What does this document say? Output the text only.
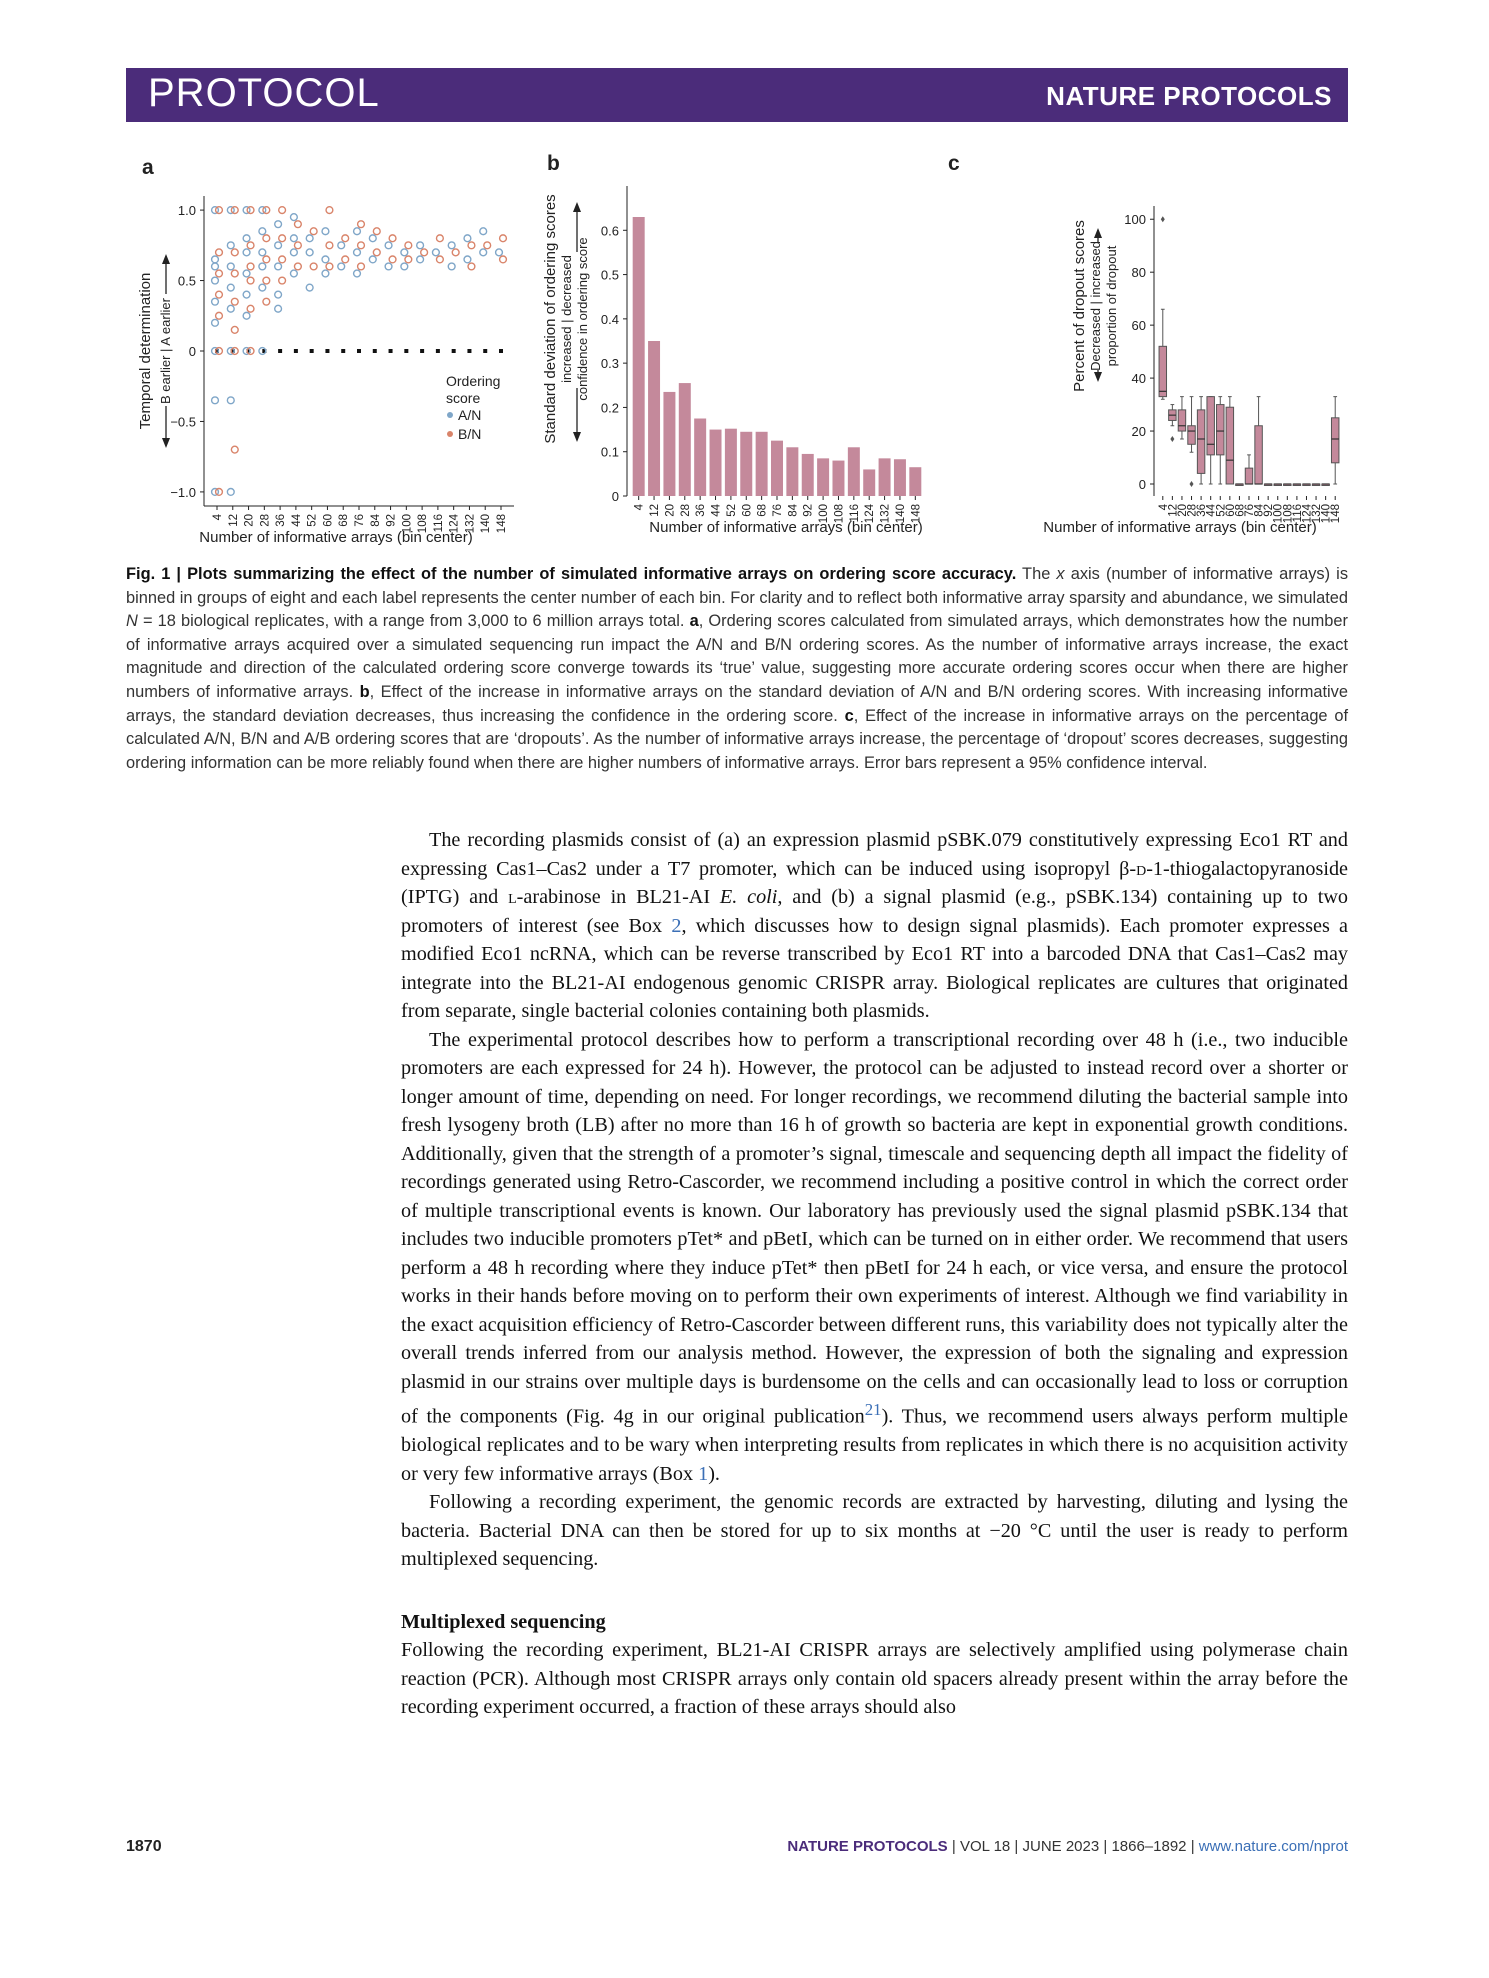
PROTOCOL	NATURE PROTOCOLS
a	b	c
Temporal determination B earlier | A earlier
1.0
0.5
0
−0.5
−1.0
4 12 20 28 36 44 52 60 68 76 84 92 100 108 116 124 132 140 148
Ordering
score
A/N
B/N
Number of informative arrays (bin center)
Standard deviation of ordering scores increased | decreased confidence in ordering score
0
0.1
0.2
0.3
0.4
0.5
0.6
4 12 20 28 36 44 52 60 68 76 84 92 100 108 116 124 132 140 148
Number of informative arrays (bin center)
Percent of dropout scores Decreased | increased proportion of dropout
0
20
40
60
80
100
4
12
20
28
36
44
52
60
68
76
84
92
100
108
116
124
132
140
148
Number of informative arrays (bin center)
Fig. 1 | Plots summarizing the effect of the number of simulated informative arrays on ordering score accuracy. The x axis (number of informative arrays) is binned in groups of eight and each label represents the center number of each bin. For clarity and to reflect both informative array sparsity and abundance, we simulated N = 18 biological replicates, with a range from 3,000 to 6 million arrays total. a, Ordering scores calculated from simulated arrays, which demonstrates how the number of informative arrays acquired over a simulated sequencing run impact the A/N and B/N ordering scores. As the number of informative arrays increase, the exact magnitude and direction of the calculated ordering score converge towards its ‘true’ value, suggesting more accurate ordering scores occur when there are higher numbers of informative arrays. b, Effect of the increase in informative arrays on the standard deviation of A/N and B/N ordering scores. With increasing informative arrays, the standard deviation decreases, thus increasing the confidence in the ordering score. c, Effect of the increase in informative arrays on the percentage of calculated A/N, B/N and A/B ordering scores that are ‘dropouts’. As the number of informative arrays increase, the percentage of ‘dropout’ scores decreases, suggesting ordering information can be more reliably found when there are higher numbers of informative arrays. Error bars represent a 95% confidence interval.

The recording plasmids consist of (a) an expression plasmid pSBK.079 constitutively expressing Eco1 RT and expressing Cas1–Cas2 under a T7 promoter, which can be induced using isopropyl β-d-1-thiogalactopyranoside (IPTG) and l-arabinose in BL21-AI E. coli, and (b) a signal plasmid (e.g., pSBK.134) containing up to two promoters of interest (see Box 2, which discusses how to design signal plasmids). Each promoter expresses a modified Eco1 ncRNA, which can be reverse transcribed by Eco1 RT into a barcoded DNA that Cas1–Cas2 may integrate into the BL21-AI endogenous genomic CRISPR array. Biological replicates are cultures that originated from separate, single bacterial colonies containing both plasmids.

The experimental protocol describes how to perform a transcriptional recording over 48 h (i.e., two inducible promoters are each expressed for 24 h). However, the protocol can be adjusted to instead record over a shorter or longer amount of time, depending on need. For longer recordings, we recommend diluting the bacterial sample into fresh lysogeny broth (LB) after no more than 16 h of growth so bacteria are kept in exponential growth conditions. Additionally, given that the strength of a promoter’s signal, timescale and sequencing depth all impact the fidelity of recordings generated using Retro-Cascorder, we recommend including a positive control in which the correct order of multiple transcriptional events is known. Our laboratory has previously used the signal plasmid pSBK.134 that includes two inducible promoters pTet* and pBetI, which can be turned on in either order. We recommend that users perform a 48 h recording where they induce pTet* then pBetI for 24 h each, or vice versa, and ensure the protocol works in their hands before moving on to perform their own experiments of interest. Although we find variability in the exact acquisition efficiency of Retro-Cascorder between different runs, this variability does not typically alter the overall trends inferred from our analysis method. However, the expression of both the signaling and expression plasmid in our strains over multiple days is burdensome on the cells and can occasionally lead to loss or corruption of the components (Fig. 4g in our original publication$^{21}$). Thus, we recommend users always perform multiple biological replicates and to be wary when interpreting results from replicates in which there is no acquisition activity or very few informative arrays (Box 1).

Following a recording experiment, the genomic records are extracted by harvesting, diluting and lysing the bacteria. Bacterial DNA can then be stored for up to six months at −20 °C until the user is ready to perform multiplexed sequencing.

Multiplexed sequencing

Following the recording experiment, BL21-AI CRISPR arrays are selectively amplified using polymerase chain reaction (PCR). Although most CRISPR arrays only contain old spacers already present within the array before the recording experiment occurred, a fraction of these arrays should also

1870	NATURE PROTOCOLS | VOL 18 | JUNE 2023 | 1866–1892 | www.nature.com/nprot
